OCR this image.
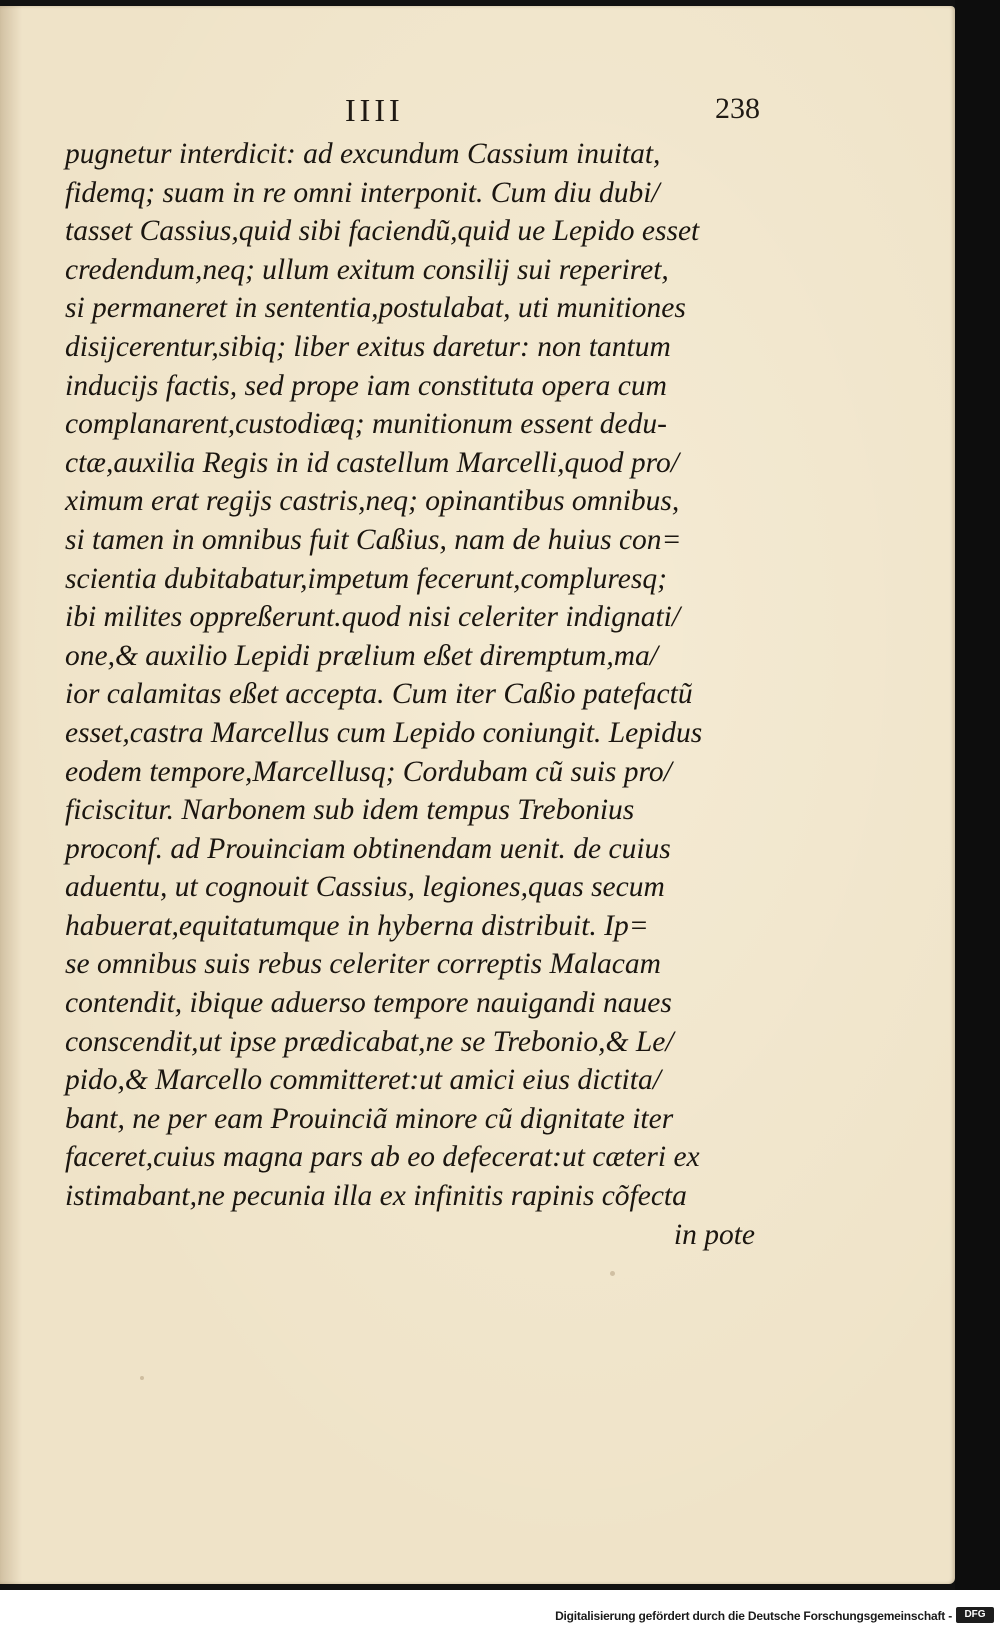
IIII	238
pugnetur interdicit: ad excundum Cassium inuitat,
fidemq; suam in re omni interponit. Cum diu dubi/
tasset Cassius,quid sibi faciendũ,quid ue Lepido esset
credendum,neq; ullum exitum consilij sui reperiret,
si permaneret in sententia,postulabat, uti munitiones
disijcerentur,sibiq; liber exitus daretur: non tantum
inducijs factis, sed prope iam constituta opera cum
complanarent,custodiæq; munitionum essent dedu-
ctæ,auxilia Regis in id castellum Marcelli,quod pro/
ximum erat regijs castris,neq; opinantibus omnibus,
si tamen in omnibus fuit Caßius, nam de huius con=
scientia dubitabatur,impetum fecerunt,compluresq;
ibi milites oppreßerunt.quod nisi celeriter indignati/
one,& auxilio Lepidi prælium eßet diremptum,ma/
ior calamitas eßet accepta. Cum iter Caßio patefactũ
esset,castra Marcellus cum Lepido coniungit. Lepidus
eodem tempore,Marcellusq; Cordubam cũ suis pro/
ficiscitur. Narbonem sub idem tempus Trebonius
proconf. ad Prouinciam obtinendam uenit. de cuius
aduentu, ut cognouit Cassius, legiones,quas secum
habuerat,equitatumque in hyberna distribuit. Ip=
se omnibus suis rebus celeriter correptis Malacam
contendit, ibique aduerso tempore nauigandi naues
conscendit,ut ipse prædicabat,ne se Trebonio,& Le/
pido,& Marcello committeret:ut amici eius dictita/
bant, ne per eam Prouinciã minore cũ dignitate iter
faceret,cuius magna pars ab eo defecerat:ut cæteri ex
istimabant,ne pecunia illa ex infinitis rapinis cõfecta
in pote
Digitalisierung gefördert durch die Deutsche Forschungsgemeinschaft -	DFG
